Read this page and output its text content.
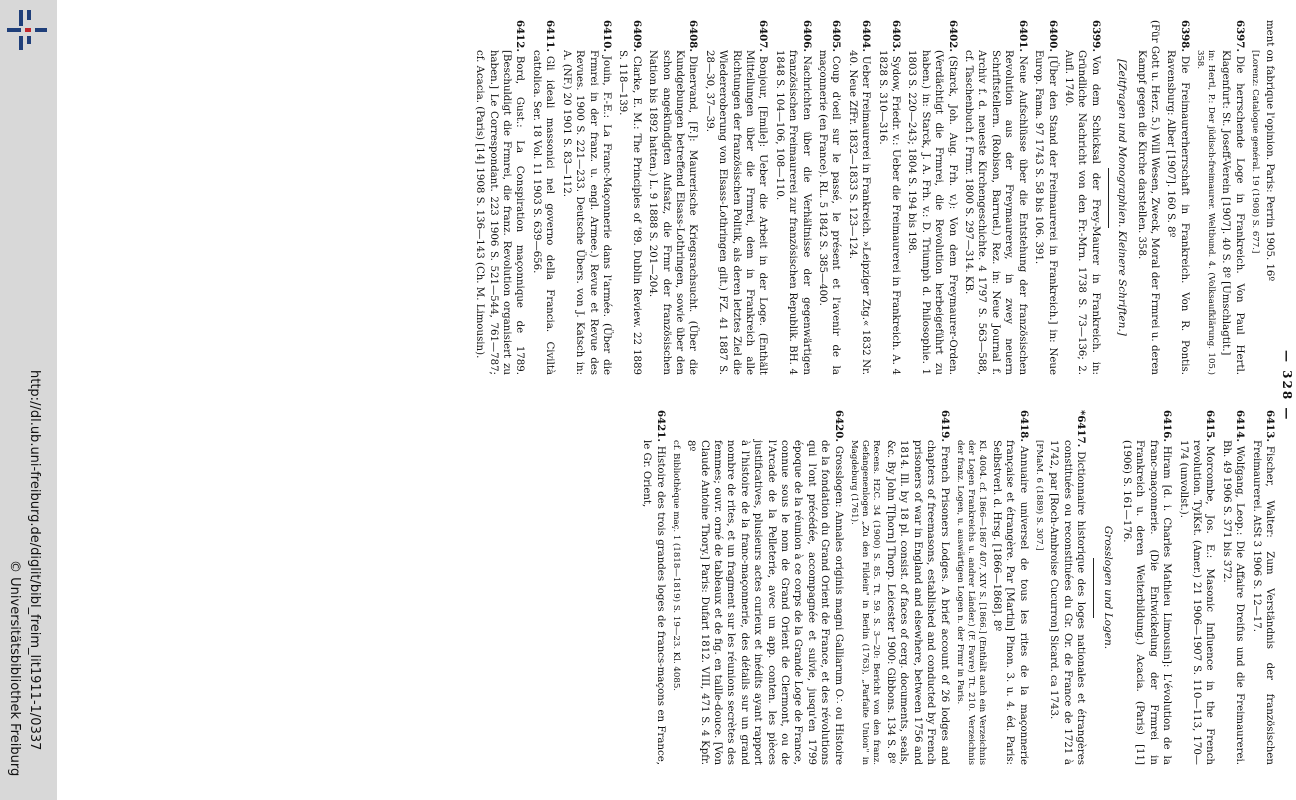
http://dl.ub.uni-freiburg.de/diglit/bibl_freim_lit1911-1/0337
© Universitätsbibliothek Freiburg
— 328 —
ment on fabrique l'opinion. Paris: Perrin 1905. 16º
[Lorenz: Catalogue genéral. 19 (1908) S. 677.]
6397.Die herrschende Loge in Frankreich. Von Paul Hertl. Klagenfurt: St. Joseff-Verein [1907]. 40 S. 8º [Umschlagtit.]
in: Hertl, P.: Der jüdisch-freimaurer. Weltbund. 4. (Volksaufklärung. 105.) 358.
6398.Die Freimaurerherrschaft in Frankreich. Von R. Pontis. Ravensburg: Alber [1907]. 160 S. 8º
(Für Gott u. Herz. 5.) Will Wesen, Zweck, Moral der Frmrei u. deren Kampf gegen die Kirche darstellen. 358.
[Zeitfragen und Monographien. Kleinere Schriften.]
6399.Von dem Schicksal der Frey-Maurer in Frankreich. in: Gründliche Nachricht von den Fr.-Mrn. 1738 S. 73—136; 2. Aufl. 1740.
6400.[Über den Stand der Freimaurerei in Frankreich.] in: Neue Europ. Fama. 97 1743 S. 58 bis 106. 391.
6401.Neue Aufschlüsse über die Entstehung der französischen Revolution aus der Freymaurerey, in zwey neuern Schriftstellern. (Robison, Barruel.) Rez. in: Neue Journal f. Archiv f. d. neueste Kirchengeschichte. 4 1797 S. 563—588, cf. Taschenbuch f. Frmr. 1800 S. 297—314. KB.
6402.(Starck, Joh. Aug. Frh. v.): Von dem Freymaurer-Orden. (Verdächtigt die Frmrei, die Revolution herbeigeführt zu haben.) in: Starck, J. A. Frh. v.: D. Triumph d. Philosophie. 1 1803 S. 220—243; 1804 S. 194 bis 198.
6403.Sydow, Friedr. v.: Ueber die Freimaurerei in Frankreich. A. 4 1828 S. 310—316.
6404.Ueber Freimaurerei in Frankreich. »Leipziger Ztg.« 1832 Nr. 40. Neue ZfFr. 1832—1833 S. 123—124.
6405.Coup d'oeil sur le passé, le présent et l'avenir de la maçonnerie (en France). RL. 5 1842 S. 385—400.
6406.Nachrichten über die Verhältnisse der gegenwärtigen französischen Freimaurerei zur französischen Republik. BH. 4 1848 S. 104—106, 108—110.
6407.Bonjour, [Emile]: Ueber die Arbeit in der Loge. (Enthält Mitteilungen über die Frmrei, dem in Frankreich alle Richtungen der französischen Politik, als deren letztes Ziel die Wiedereroberung von Elsass-Lothringen gilt.) FZ. 41 1887 S. 28—30, 37—39.
6408.Dinervand, [F.]: Maurerische Kriegsrachsucht. (Über die Kundgebungen betreffend Elsass-Lothringen, sowie über den schon angekündigten Aufsatz, die Frmr der französischen Nation bis 1892 hatten.) L. 9 1888 S. 201—204.
6409.Clarke, E. M.: The Principles of '89. Dublin Review. 22 1889 S. 118—139.
6410.Jouin, F.-E.: La Franc-Maçonnerie dans l'armée. (Über die Frmrei in der franz. u. engl. Armee.) Revue et Revue des Revues. 1900 S. 221—233. Deutsche Übers. von J. Katsch in: A. (NF.) 20 1901 S. 83—112.
6411.Gli ideali massonici nel governo della Francia. Civiltà cattolica. Ser. 18 Vol. 11 1903 S. 639—656.
6412.Bord, Gust.: La Conspiration maçonnique de 1789. [Beschuldigt die Frmrei, die franz. Revolution organisiert zu haben.] Le Correspondant. 223 1906 S. 521—544, 761—787; cf. Acacia. (Paris) [14] 1908 S. 136—143 (Ch. M. Limousin).
6413.Fischer, Walter: Zum Verständnis der französischen Freimaurerei. AtSt 3 1906 S. 12—17.
6414.Wolfgang, Leop.: Die Affaire Dreifus und die Freimaurerei. Bh. 49 1906 S. 371 bis 372.
6415.Morcombe, Jos. E.: Masonic Influence in the French revolution. TylKst. (Amer.) 21 1906—1907 S. 110—113, 170—174 (unvollst.).
6416.Hiram [d. i. Charles Mathieu Limousin]: L'évolution de la franc-maçonnerie. (Die Entwickelung der Frmrei in Frankreich u. deren Weiterbildung.) Acacia. (Paris) [11] (1906) S. 161—176.
Grosslogen und Logen.
*6417.Dictionnaire historique des loges nationales et étrangères constituées ou reconstituées du Gr. Or. de France de 1721 à 1742, par [Roch-Ambroise Cucurron] Sicard. ca 1743.
[FMaM. 6 (1889) S. 307.]
6418.Annuaire universel de tous les rites de la maçonnerie française et étrangère. Par [Martin] Pinon. 3. u. 4. éd. Paris: Selbstverl. d. Hrsg. [1866—1868]. 8º
Kl. 4004. cf. 1866—1867 407, XIV S. [1866.] (Enthält auch ein Verzeichnis der Logen Frankreichs u. andrer Länder.) (F. Favre) Tt. 210. Verzeichnis der franz. Logen, u. auswärtigen Logen n. der Frmr in Paris.
6419.French Prisoners Lodges. A brief account of 26 lodges and chapters of freemasons, established and conducted by French prisoners of war in England and elsewhere, between 1756 and 1814. Ill. by 18 pl. consist. of faces of cerg. documents, seals, &c. By John T[horn] Thorp. Leicester 1900: Gibbons. 134 S. 8º
Recens. H2C. 34 (1900) S. 85. Tt. 59. S. 3—20: Bericht von den franz. Gefangenenlogen „Zu den Fildein" in Berlin (1763), „Parfaite Union" in Magdeburg (1761).
6420.Grosslogen: Annales originis magni Galliarum O∴ ou Histoire de la fondation du Grand Orient de France, et des révolutions qui l'ont précédée, accompagnée et suivie, jusqu'en 1799 époque de la réunion à ce corps de la Grande Loge de France, connue sous le nom de Grand Orient de Clermont, ou de l'Arcade de la Pelleterie, avec un app. conten. les pièces justificatives, plusieurs actes curieux et inédits ayant rapport à l'histoire de la franc-maçonnerie, des détails sur un grand nombre de rites, et un fragment sur les réunions secrètes des femmes; ouvr. orné de tableaux et de fig. en taille-douce. [Von Claude Antoine Thory.] Paris: Dufart 1812. VIII, 471 S. 4 Kpfr. 8º
cf. Bibliothèque maç. 1 (1818—1819) S. 19—23. Kl. 4085.
6421.Histoire des trois grandes loges de francs-maçons en France, le Gr. Orient,
